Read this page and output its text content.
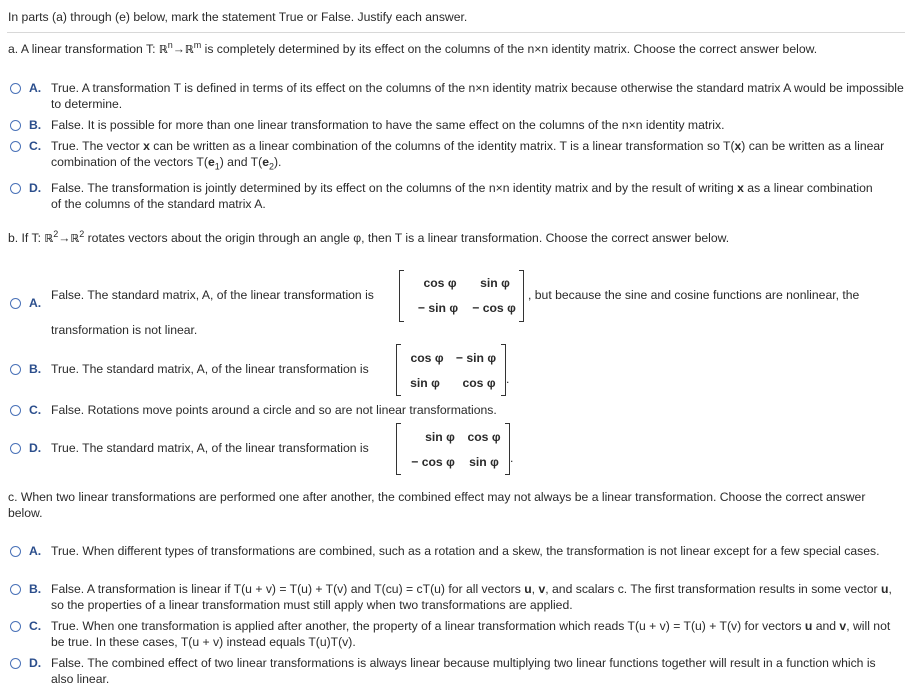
In parts (a) through (e) below, mark the statement True or False. Justify each answer.
a. A linear transformation T: ℝ$^n$→ℝ$^m$ is completely determined by its effect on the columns of the n×n identity matrix. Choose the correct answer below.
A. True. A transformation T is defined in terms of its effect on the columns of the n×n identity matrix because otherwise the standard matrix A would be impossible to determine.
B. False. It is possible for more than one linear transformation to have the same effect on the columns of the n×n identity matrix.
C. True. The vector x can be written as a linear combination of the columns of the identity matrix. T is a linear transformation so T(x) can be written as a linear combination of the vectors $T(e_1)$ and $T(e_2)$.
D. False. The transformation is jointly determined by its effect on the columns of the n×n identity matrix and by the result of writing x as a linear combination of the columns of the standard matrix A.
b. If T: ℝ$^2$→ℝ$^2$ rotates vectors about the origin through an angle φ, then T is a linear transformation. Choose the correct answer below.
A.
False. The standard matrix, A, of the linear transformation is
cos φ	sin φ
− sin φ	− cos φ
, but because the sine and cosine functions are nonlinear, the
transformation is not linear.
B. True. The standard matrix, A, of the linear transformation is
cos φ	− sin φ
sin φ	cos φ .
C. False. Rotations move points around a circle and so are not linear transformations.
D. True. The standard matrix, A, of the linear transformation is
sin φ	cos φ
− cos φ	sin φ .
c. When two linear transformations are performed one after another, the combined effect may not always be a linear transformation. Choose the correct answer below.
A. True. When different types of transformations are combined, such as a rotation and a skew, the transformation is not linear except for a few special cases.
B. False. A transformation is linear if T(u + v) = T(u) + T(v) and T(cu) = cT(u) for all vectors u, v, and scalars c. The first transformation results in some vector u, so the properties of a linear transformation must still apply when two transformations are applied.
C. True. When one transformation is applied after another, the property of a linear transformation which reads T(u + v) = T(u) + T(v) for vectors u and v, will not be true. In these cases, T(u + v) instead equals T(u)T(v).
D. False. The combined effect of two linear transformations is always linear because multiplying two linear functions together will result in a function which is also linear.
